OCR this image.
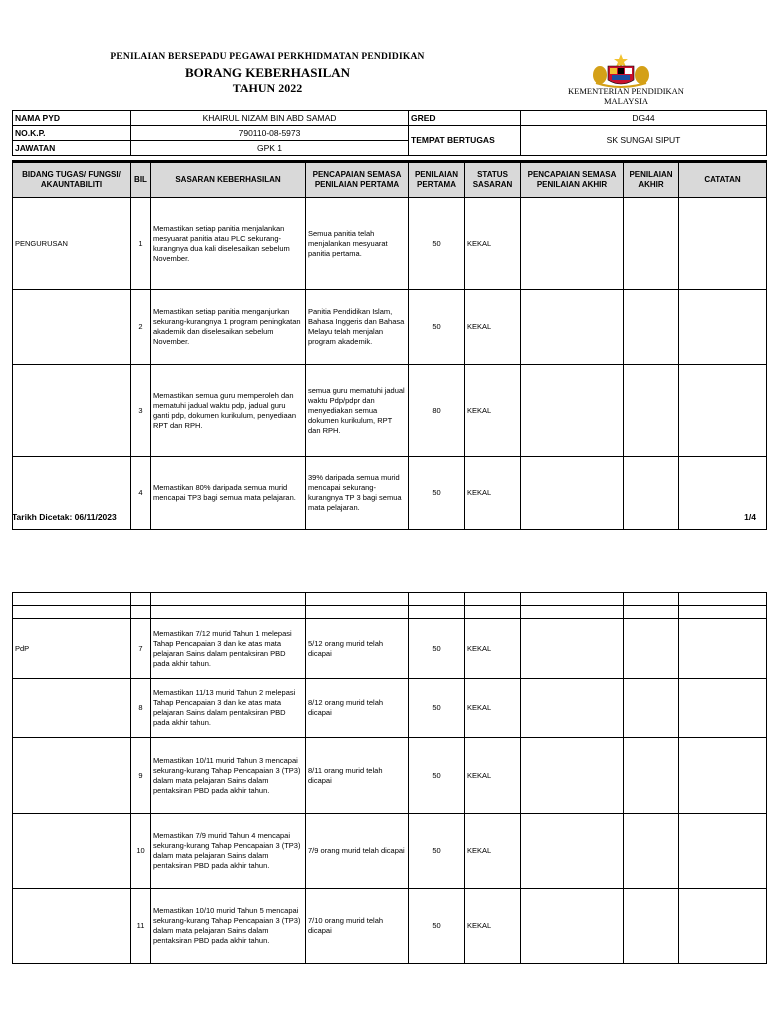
PENILAIAN BERSEPADU PEGAWAI PERKHIDMATAN PENDIDIKAN
BORANG KEBERHASILAN
TAHUN 2022	KEMENTERIAN PENDIDIKAN
MALAYSIA
NAMA PYD	KHAIRUL NIZAM BIN ABD SAMAD	GRED	DG44
NO.K.P.	790110-08-5973	TEMPAT BERTUGAS	SK SUNGAI SIPUT
JAWATAN	GPK 1		
BIDANG TUGAS/ FUNGSI/ AKAUNTABILITI	BIL	SASARAN KEBERHASILAN	PENCAPAIAN SEMASA PENILAIAN PERTAMA	PENILAIAN PERTAMA	STATUS SASARAN	PENCAPAIAN SEMASA PENILAIAN AKHIR	PENILAIAN AKHIR	CATATAN
PENGURUSAN	1	Memastikan setiap panitia menjalankan mesyuarat panitia atau PLC sekurang-kurangnya dua kali diselesaikan sebelum November.	Semua panitia telah menjalankan mesyuarat panitia pertama.	50	KEKAL			
	2	Memastikan setiap panitia menganjurkan sekurang-kurangnya 1 program peningkatan akademik dan diselesaikan sebelum November.	Panitia Pendidikan Islam, Bahasa Inggeris dan Bahasa Melayu telah menjalan program akademik.	50	KEKAL			
	3	Memastikan semua guru memperoleh dan mematuhi jadual waktu pdp, jadual guru ganti pdp, dokumen kurikulum, penyediaan RPT dan RPH.	semua guru mematuhi jadual waktu Pdp/pdpr dan menyediakan semua dokumen kurikulum, RPT dan RPH.	80	KEKAL			
	4	Memastikan 80% daripada semua murid mencapai TP3 bagi semua mata pelajaran.	39% daripada semua murid mencapai sekurang-kurangnya TP 3 bagi semua mata pelajaran.	50	KEKAL			
Tarikh Dicetak: 06/11/2023	1/4

PdP	7	Memastikan 7/12 murid Tahun 1 melepasi Tahap Pencapaian 3 dan ke atas mata pelajaran Sains dalam pentaksiran PBD pada akhir tahun.	5/12 orang murid telah dicapai	50	KEKAL			
	8	Memastikan 11/13 murid Tahun 2 melepasi Tahap Pencapaian 3 dan ke atas mata pelajaran Sains dalam pentaksiran PBD pada akhir tahun.	8/12 orang murid telah dicapai	50	KEKAL			
	9	Memastikan 10/11 murid Tahun 3 mencapai sekurang-kurang Tahap Pencapaian 3 (TP3) dalam mata pelajaran Sains dalam pentaksiran PBD pada akhir tahun.	8/11 orang murid telah dicapai	50	KEKAL			
	10	Memastikan 7/9 murid Tahun 4 mencapai sekurang-kurang Tahap Pencapaian 3 (TP3) dalam mata pelajaran Sains dalam pentaksiran PBD pada akhir tahun.	7/9 orang murid telah dicapai	50	KEKAL			
	11	Memastikan 10/10 murid Tahun 5 mencapai sekurang-kurang Tahap Pencapaian 3 (TP3) dalam mata pelajaran Sains dalam pentaksiran PBD pada akhir tahun.	7/10 orang murid telah dicapai	50	KEKAL			
